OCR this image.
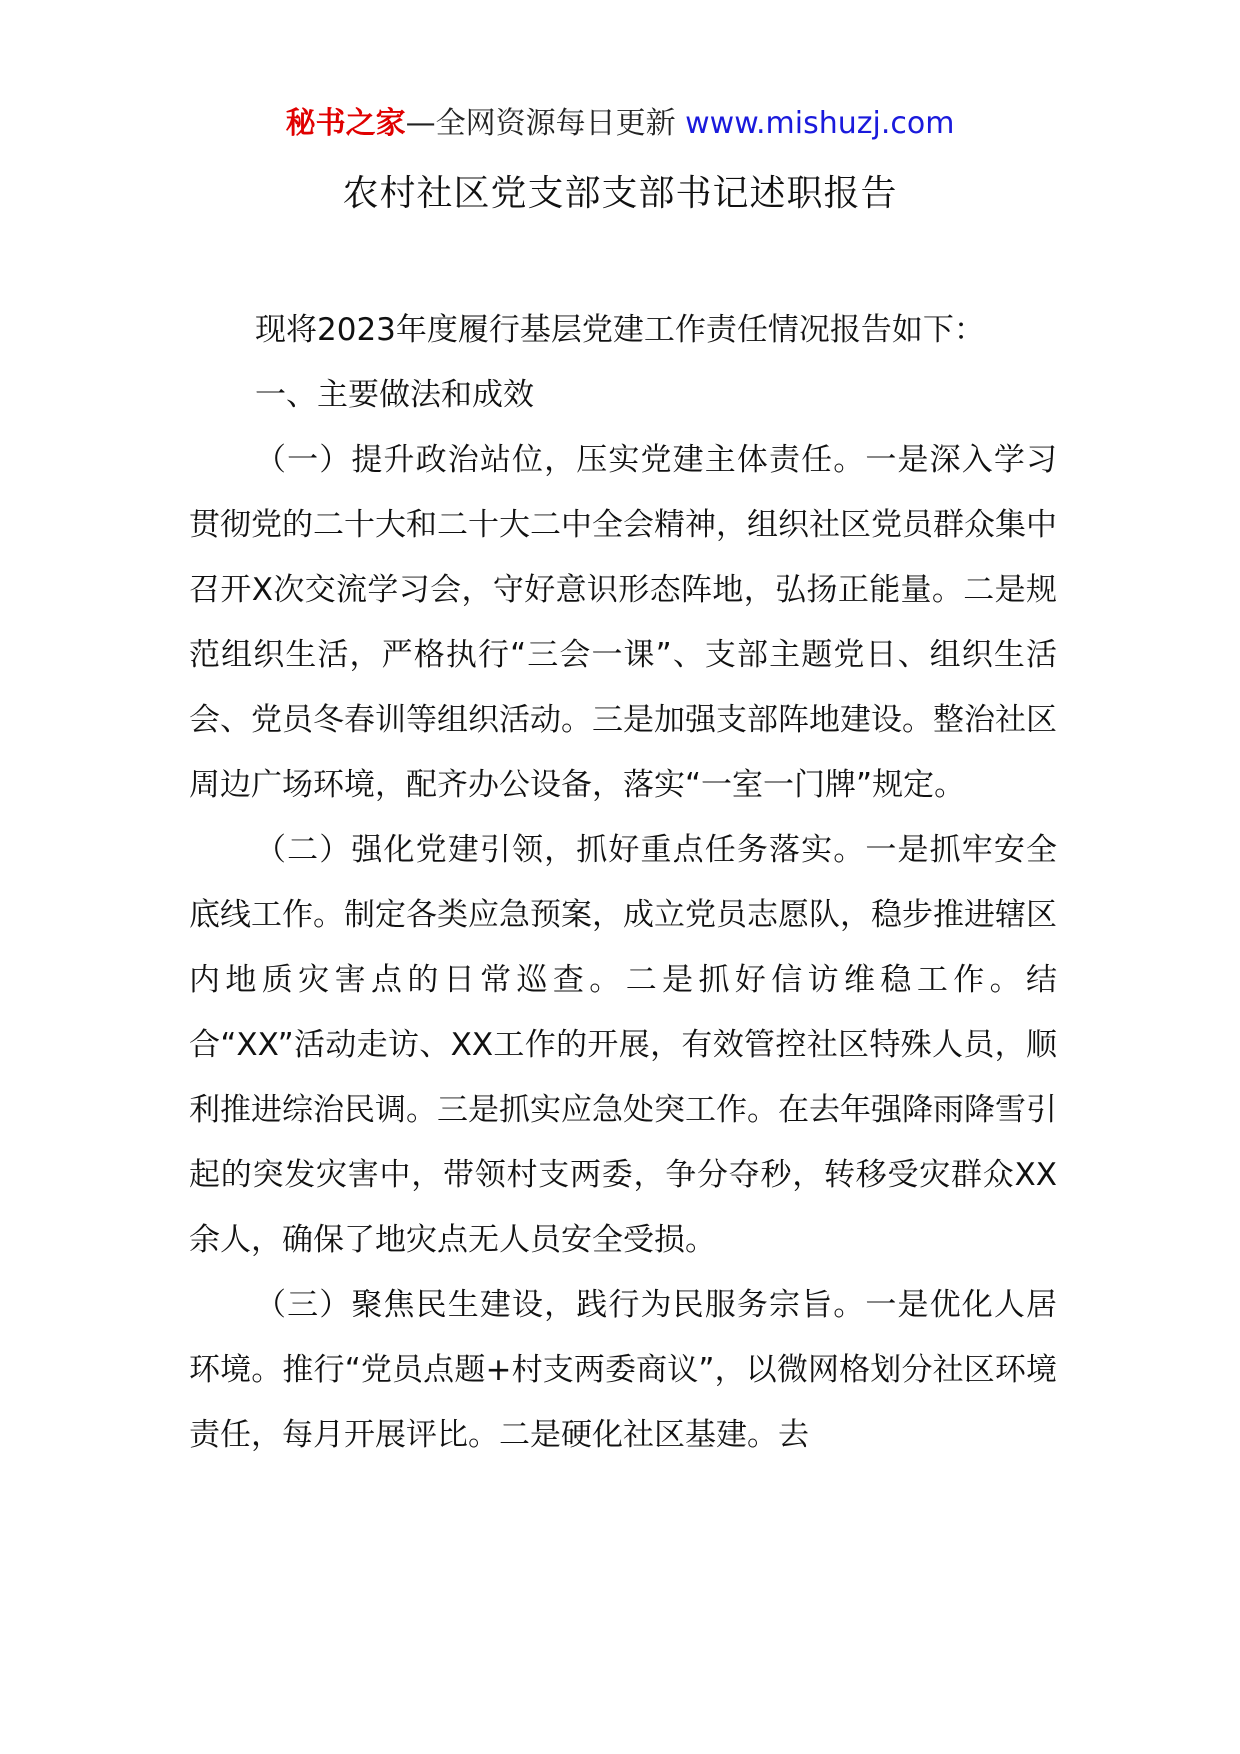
秘书之家—全网资源每日更新 www.mishuzj.com
农村社区党支部支部书记述职报告

现将2023年度履行基层党建工作责任情况报告如下：

一、主要做法和成效

（一）提升政治站位，压实党建主体责任。一是深入学习贯彻党的二十大和二十大二中全会精神，组织社区党员群众集中召开X次交流学习会，守好意识形态阵地，弘扬正能量。二是规范组织生活，严格执行“三会一课”、支部主题党日、组织生活会、党员冬春训等组织活动。三是加强支部阵地建设。整治社区周边广场环境，配齐办公设备，落实“一室一门牌”规定。

（二）强化党建引领，抓好重点任务落实。一是抓牢安全底线工作。制定各类应急预案，成立党员志愿队，稳步推进辖区内地质灾害点的日常巡查。二是抓好信访维稳工作。结合“XX”活动走访、XX工作的开展，有效管控社区特殊人员，顺利推进综治民调。三是抓实应急处突工作。在去年强降雨降雪引起的突发灾害中，带领村支两委，争分夺秒，转移受灾群众XX余人，确保了地灾点无人员安全受损。

（三）聚焦民生建设，践行为民服务宗旨。一是优化人居环境。推行“党员点题+村支两委商议”，以微网格划分社区环境责任，每月开展评比。二是硬化社区基建。去
